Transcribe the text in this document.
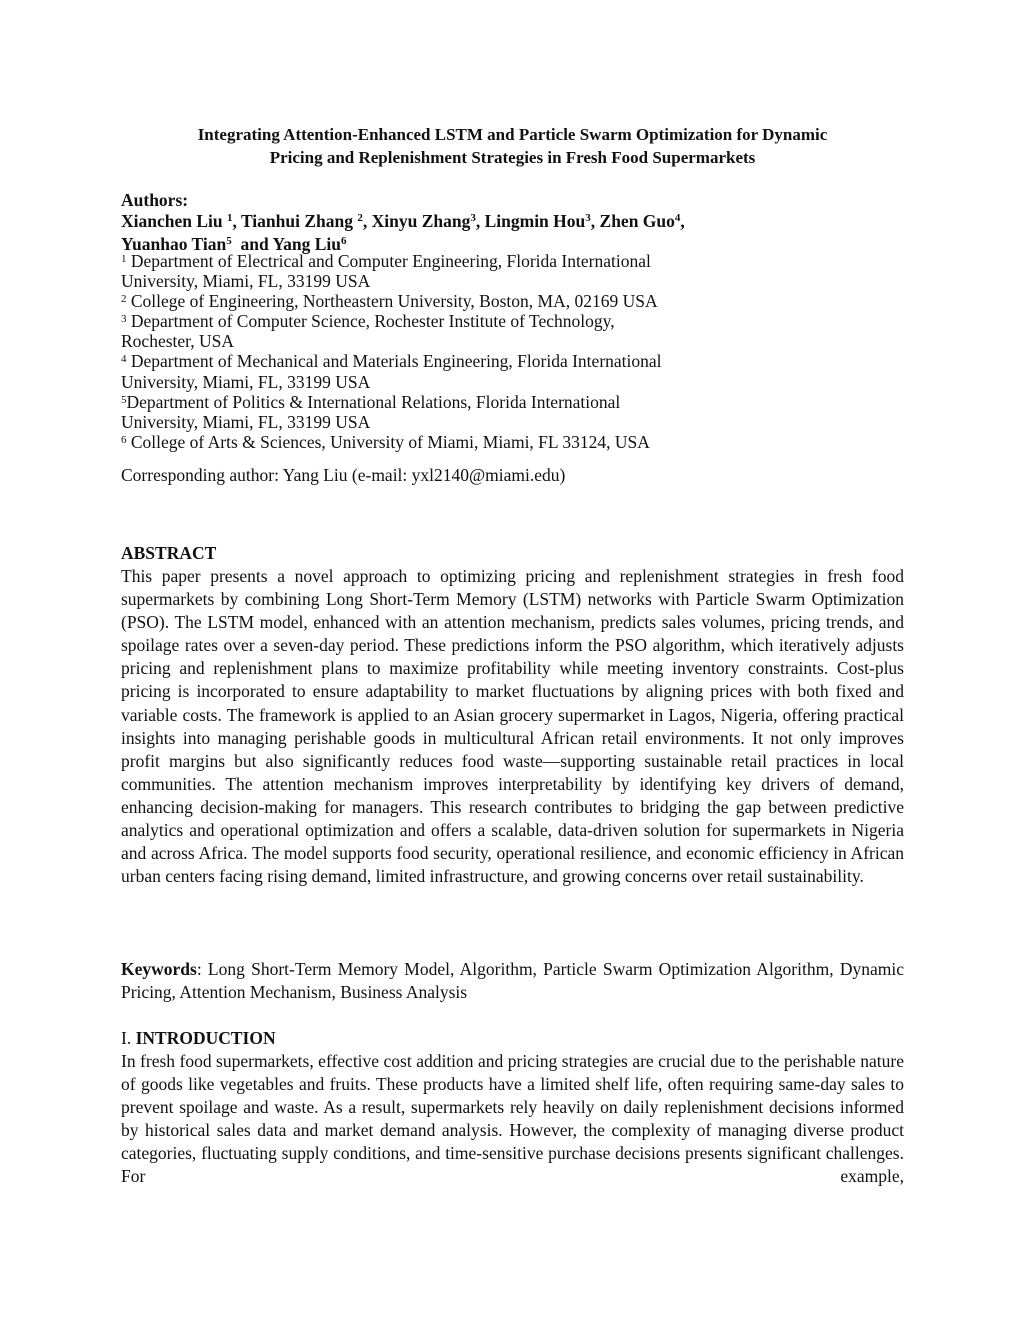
Integrating Attention-Enhanced LSTM and Particle Swarm Optimization for Dynamic
Pricing and Replenishment Strategies in Fresh Food Supermarkets
Authors:
Xianchen Liu $^1$, Tianhui Zhang $^2$, Xinyu Zhang$^3$, Lingmin Hou$^3$, Zhen Guo$^4$,
Yuanhao Tian$^5$  and Yang Liu$^6$
$^1$ Department of Electrical and Computer Engineering, Florida International
University, Miami, FL, 33199 USA
$^2$ College of Engineering, Northeastern University, Boston, MA, 02169 USA
$^3$ Department of Computer Science, Rochester Institute of Technology,
Rochester, USA
$^4$ Department of Mechanical and Materials Engineering, Florida International
University, Miami, FL, 33199 USA
$^5$Department of Politics & International Relations, Florida International
University, Miami, FL, 33199 USA
$^6$ College of Arts & Sciences, University of Miami, Miami, FL 33124, USA
Corresponding author: Yang Liu (e-mail: yxl2140@miami.edu)
ABSTRACT
This paper presents a novel approach to optimizing pricing and replenishment strategies in fresh food supermarkets by combining Long Short-Term Memory (LSTM) networks with Particle Swarm Optimization (PSO). The LSTM model, enhanced with an attention mechanism, predicts sales volumes, pricing trends, and spoilage rates over a seven-day period. These predictions inform the PSO algorithm, which iteratively adjusts pricing and replenishment plans to maximize profitability while meeting inventory constraints. Cost-plus pricing is incorporated to ensure adaptability to market fluctuations by aligning prices with both fixed and variable costs. The framework is applied to an Asian grocery supermarket in Lagos, Nigeria, offering practical insights into managing perishable goods in multicultural African retail environments. It not only improves profit margins but also significantly reduces food waste—supporting sustainable retail practices in local communities. The attention mechanism improves interpretability by identifying key drivers of demand, enhancing decision-making for managers. This research contributes to bridging the gap between predictive analytics and operational optimization and offers a scalable, data-driven solution for supermarkets in Nigeria and across Africa. The model supports food security, operational resilience, and economic efficiency in African urban centers facing rising demand, limited infrastructure, and growing concerns over retail sustainability.
Keywords: Long Short-Term Memory Model, Algorithm, Particle Swarm Optimization Algorithm, Dynamic Pricing, Attention Mechanism, Business Analysis
I. INTRODUCTION
In fresh food supermarkets, effective cost addition and pricing strategies are crucial due to the perishable nature of goods like vegetables and fruits. These products have a limited shelf life, often requiring same-day sales to prevent spoilage and waste. As a result, supermarkets rely heavily on daily replenishment decisions informed by historical sales data and market demand analysis. However, the complexity of managing diverse product categories, fluctuating supply conditions, and time-sensitive purchase decisions presents significant challenges. For example,
